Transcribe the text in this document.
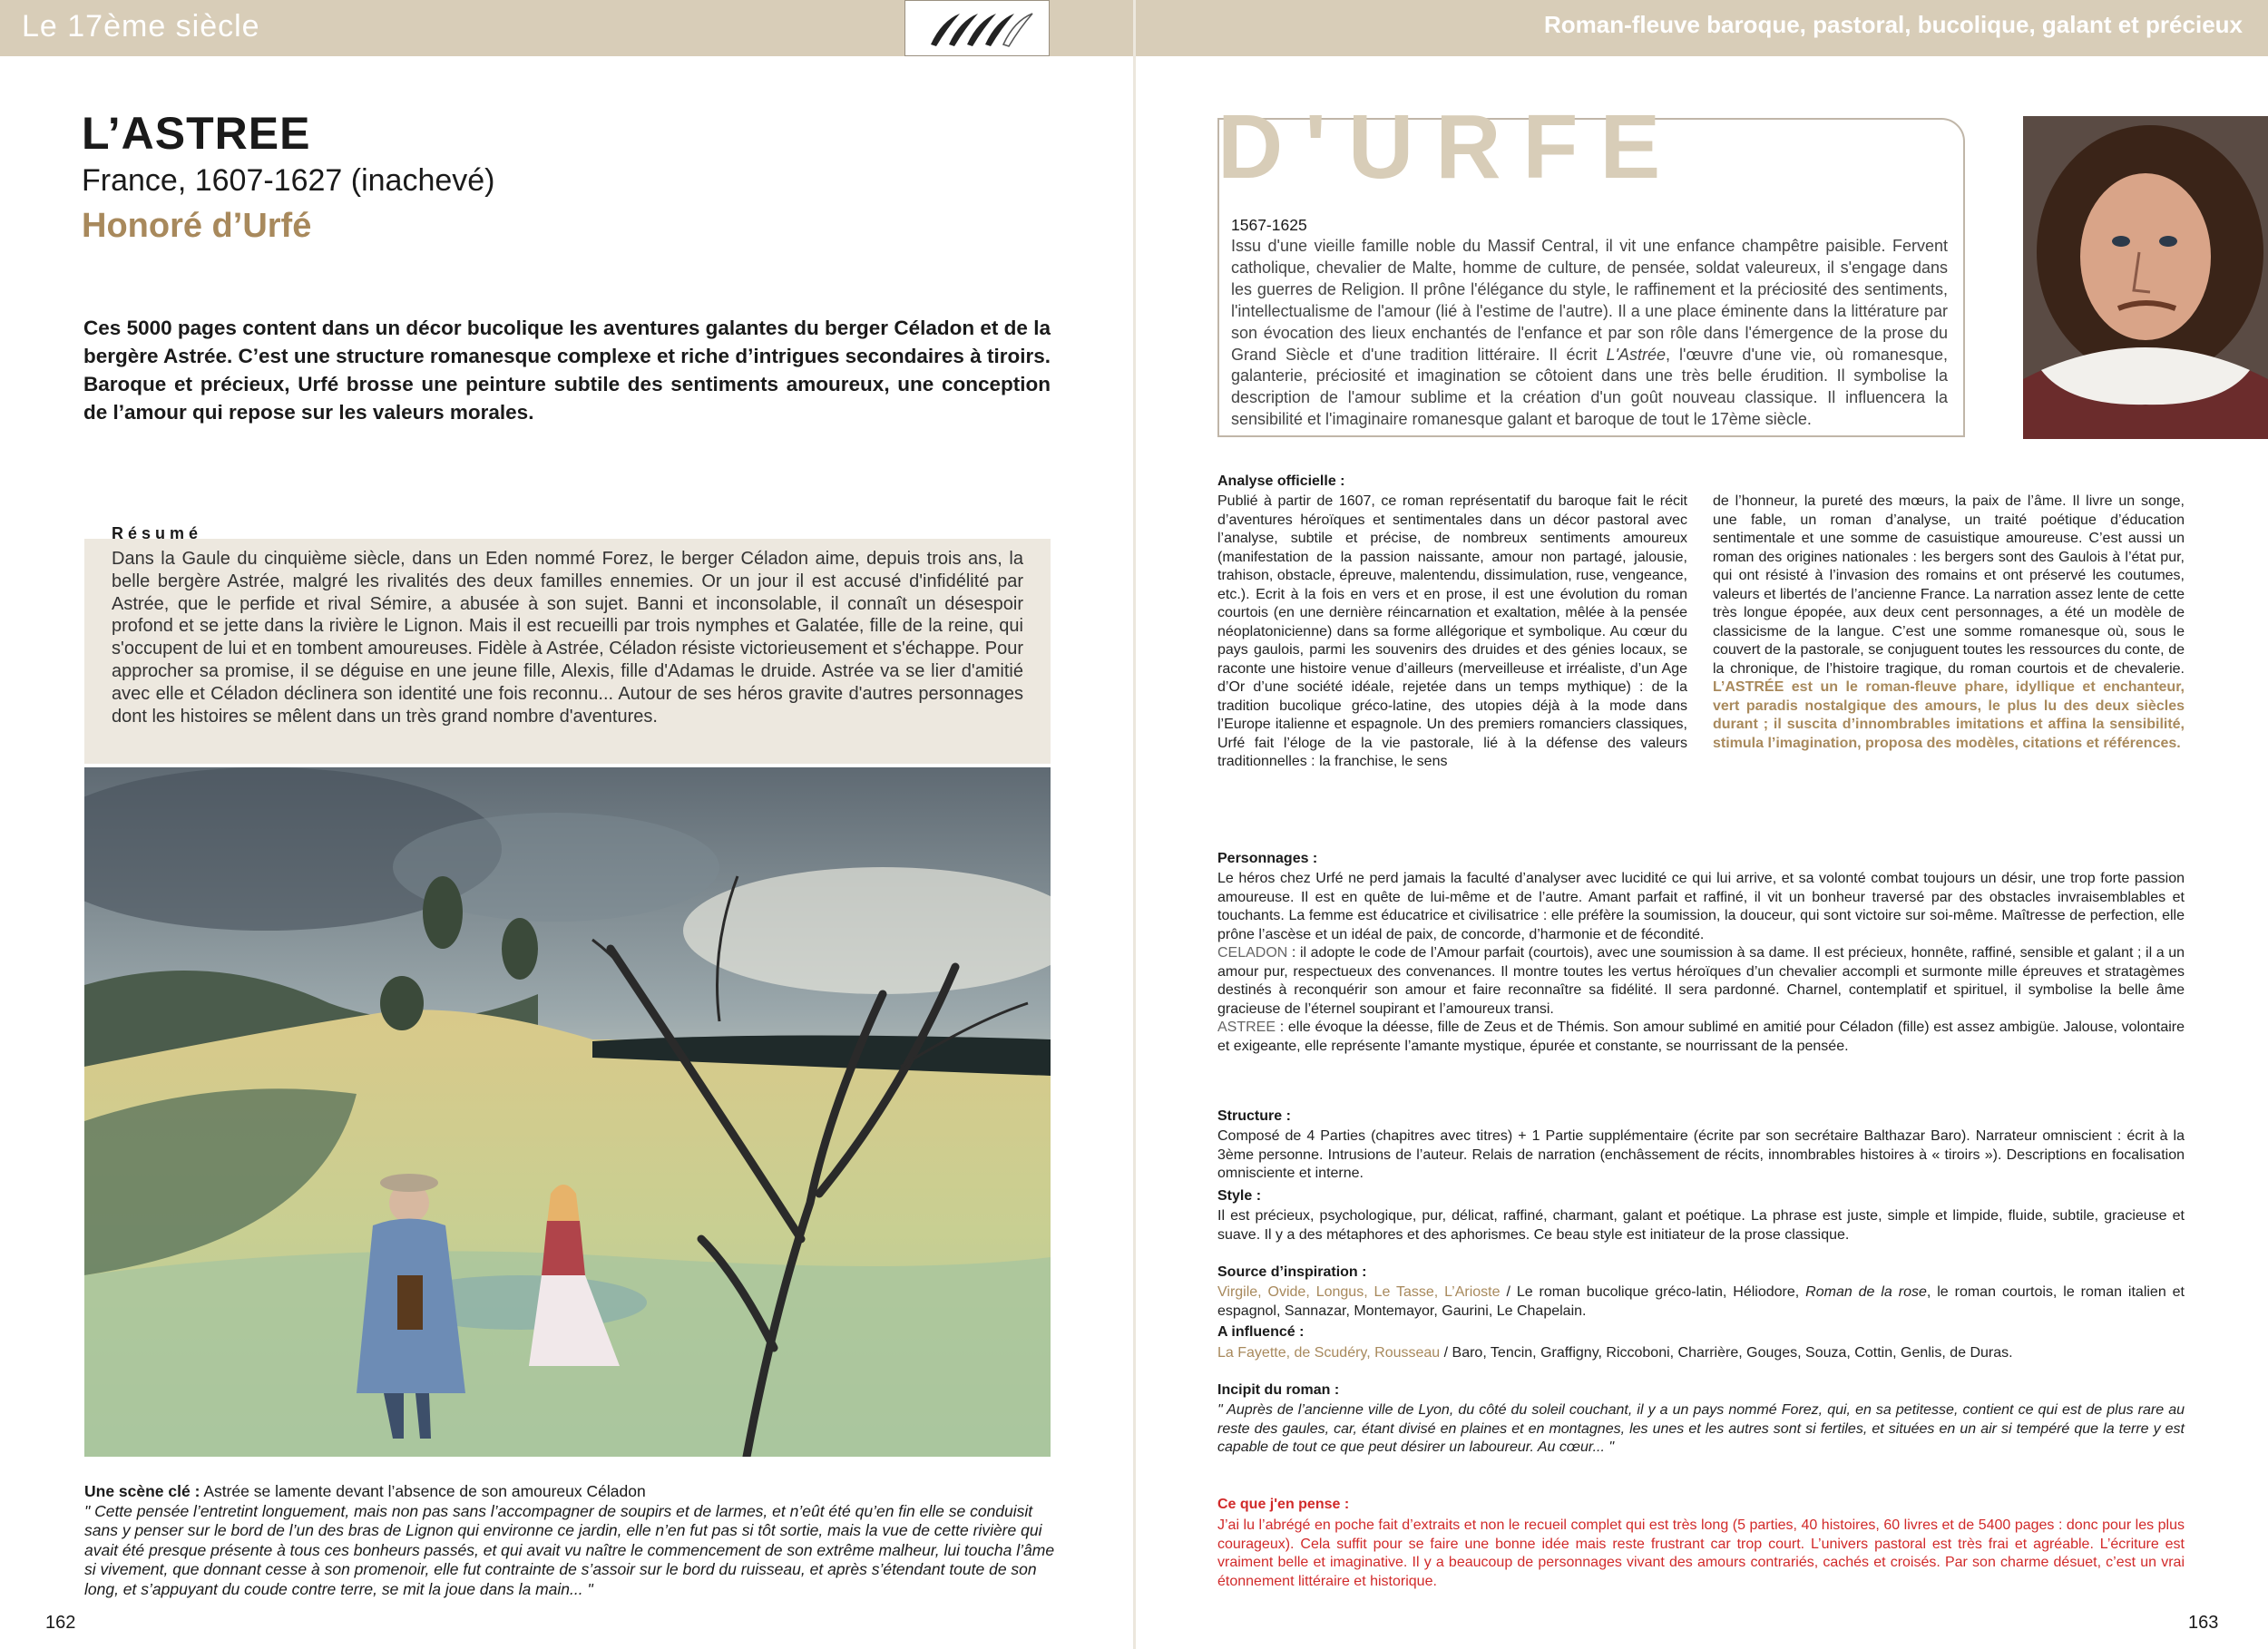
Le 17ème siècle	Roman-fleuve baroque, pastoral, bucolique, galant et précieux
L’ASTREE
France, 1607-1627 (inachevé)
Honoré d’Urfé
Ces 5000 pages content dans un décor bucolique les aventures galantes du berger Céladon et de la bergère Astrée. C’est une structure romanesque complexe et riche d’intrigues secondaires à tiroirs. Baroque et précieux, Urfé brosse une peinture subtile des sentiments amoureux, une conception de l’amour qui repose sur les valeurs morales.
Résumé
Dans la Gaule du cinquième siècle, dans un Eden nommé Forez, le berger Céladon aime, depuis trois ans, la belle bergère Astrée, malgré les rivalités des deux familles ennemies. Or un jour il est accusé d'infidélité par Astrée, que le perfide et rival Sémire, a abusée à son sujet. Banni et inconsolable, il connaît un désespoir profond et se jette dans la rivière le Lignon. Mais il est recueilli par trois nymphes et Galatée, fille de la reine, qui s'occupent de lui et en tombent amoureuses. Fidèle à Astrée, Céladon résiste victorieusement et s'échappe. Pour approcher sa promise, il se déguise en une jeune fille, Alexis, fille d'Adamas le druide. Astrée va se lier d'amitié avec elle et Céladon déclinera son identité une fois reconnu... Autour de ses héros gravite d'autres personnages dont les histoires se mêlent dans un très grand nombre d'aventures.
Une scène clé : Astrée se lamente devant l’absence de son amoureux Céladon
" Cette pensée l’entretint longuement, mais non pas sans l’accompagner de soupirs et de larmes, et n’eût été qu’en fin elle se conduisit sans y penser sur le bord de l’un des bras de Lignon qui environne ce jardin, elle n’en fut pas si tôt sortie, mais la vue de cette rivière qui avait été presque présente à tous ces bonheurs passés, et qui avait vu naître le commencement de son extrême malheur, lui toucha l’âme si vivement, que donnant cesse à son promenoir, elle fut contrainte de s’assoir sur le bord du ruisseau, et après s’étendant toute de son long, et s’appuyant du coude contre terre, se mit la joue dans la main... "
162	163
D'URFE
1567-1625
Issu d'une vieille famille noble du Massif Central, il vit une enfance champêtre paisible. Fervent catholique, chevalier de Malte, homme de culture, de pensée, soldat valeureux, il s'engage dans les guerres de Religion. Il prône l'élégance du style, le raffinement et la préciosité des sentiments, l'intellectualisme de l'amour (lié à l'estime de l'autre). Il a une place éminente dans la littérature par son évocation des lieux enchantés de l'enfance et par son rôle dans l'émergence de la prose du Grand Siècle et d'une tradition littéraire. Il écrit L'Astrée, l'œuvre d'une vie, où romanesque, galanterie, préciosité et imagination se côtoient dans une très belle érudition. Il symbolise la description de l'amour sublime et la création d'un goût nouveau classique. Il influencera la sensibilité et l'imaginaire romanesque galant et baroque de tout le 17ème siècle.
Analyse officielle :
Publié à partir de 1607, ce roman représentatif du baroque fait le récit d’aventures héroïques et sentimentales dans un décor pastoral avec l’analyse, subtile et précise, de nombreux sentiments amoureux (manifestation de la passion naissante, amour non partagé, jalousie, trahison, obstacle, épreuve, malentendu, dissimulation, ruse, vengeance, etc.). Ecrit à la fois en vers et en prose, il est une évolution du roman courtois (en une dernière réincarnation et exaltation, mêlée à la pensée néoplatonicienne) dans sa forme allégorique et symbolique. Au cœur du pays gaulois, parmi les souvenirs des druides et des génies locaux, se raconte une histoire venue d’ailleurs (merveilleuse et irréaliste, d’un Age d’Or d’une société idéale, rejetée dans un temps mythique) : de la tradition bucolique gréco-latine, des utopies déjà à la mode dans l’Europe italienne et espagnole. Un des premiers romanciers classiques, Urfé fait l’éloge de la vie pastorale, lié à la défense des valeurs traditionnelles : la franchise, le sens
de l’honneur, la pureté des mœurs, la paix de l’âme. Il livre un songe, une fable, un roman d’analyse, un traité poétique d’éducation sentimentale et une somme de casuistique amoureuse. C’est aussi un roman des origines nationales : les bergers sont des Gaulois à l’état pur, qui ont résisté à l’invasion des romains et ont préservé les coutumes, valeurs et libertés de l’ancienne France. La narration assez lente de cette très longue épopée, aux deux cent personnages, a été un modèle de classicisme de la langue. C’est une somme romanesque où, sous le couvert de la pastorale, se conjuguent toutes les ressources du conte, de la chronique, de l’histoire tragique, du roman courtois et de chevalerie. L’ASTRÉE est un le roman-fleuve phare, idyllique et enchanteur, vert paradis nostalgique des amours, le plus lu des deux siècles durant ; il suscita d’innombrables imitations et affina la sensibilité, stimula l’imagination, proposa des modèles, citations et références.
Personnages :
Le héros chez Urfé ne perd jamais la faculté d’analyser avec lucidité ce qui lui arrive, et sa volonté combat toujours un désir, une trop forte passion amoureuse. Il est en quête de lui-même et de l’autre. Amant parfait et raffiné, il vit un bonheur traversé par des obstacles invraisemblables et touchants. La femme est éducatrice et civilisatrice : elle préfère la soumission, la douceur, qui sont victoire sur soi-même. Maîtresse de perfection, elle prône l’ascèse et un idéal de paix, de concorde, d’harmonie et de fécondité.
CELADON : il adopte le code de l’Amour parfait (courtois), avec une soumission à sa dame. Il est précieux, honnête, raffiné, sensible et galant ; il a un amour pur, respectueux des convenances. Il montre toutes les vertus héroïques d’un chevalier accompli et surmonte mille épreuves et stratagèmes destinés à reconquérir son amour et faire reconnaître sa fidélité. Il sera pardonné. Charnel, contemplatif et spirituel, il symbolise la belle âme gracieuse de l’éternel soupirant et l’amoureux transi.
ASTREE : elle évoque la déesse, fille de Zeus et de Thémis. Son amour sublimé en amitié pour Céladon (fille) est assez ambigüe. Jalouse, volontaire et exigeante, elle représente l’amante mystique, épurée et constante, se nourrissant de la pensée.
Structure :
Composé de 4 Parties (chapitres avec titres) + 1 Partie supplémentaire (écrite par son secrétaire Balthazar Baro). Narrateur omniscient : écrit à la 3ème personne. Intrusions de l’auteur. Relais de narration (enchâssement de récits, innombrables histoires à « tiroirs »). Descriptions en focalisation omnisciente et interne.
Style :
Il est précieux, psychologique, pur, délicat, raffiné, charmant, galant et poétique. La phrase est juste, simple et limpide, fluide, subtile, gracieuse et suave. Il y a des métaphores et des aphorismes. Ce beau style est initiateur de la prose classique.
Source d’inspiration :
Virgile, Ovide, Longus, Le Tasse, L’Arioste / Le roman bucolique gréco-latin, Héliodore, Roman de la rose, le roman courtois, le roman italien et espagnol, Sannazar, Montemayor, Gaurini, Le Chapelain.
A influencé :
La Fayette, de Scudéry, Rousseau / Baro, Tencin, Graffigny, Riccoboni, Charrière, Gouges, Souza, Cottin, Genlis, de Duras.
Incipit du roman :
" Auprès de l’ancienne ville de Lyon, du côté du soleil couchant, il y a un pays nommé Forez, qui, en sa petitesse, contient ce qui est de plus rare au reste des gaules, car, étant divisé en plaines et en montagnes, les unes et les autres sont si fertiles, et situées en un air si tempéré que la terre y est capable de tout ce que peut désirer un laboureur. Au cœur... "
Ce que j'en pense :
J’ai lu l’abrégé en poche fait d’extraits et non le recueil complet qui est très long (5 parties, 40 histoires, 60 livres et de 5400 pages : donc pour les plus courageux). Cela suffit pour se faire une bonne idée mais reste frustrant car trop court. L’univers pastoral est très frai et agréable. L’écriture est vraiment belle et imaginative. Il y a beaucoup de personnages vivant des amours contrariés, cachés et croisés. Par son charme désuet, c’est un vrai étonnement littéraire et historique.
